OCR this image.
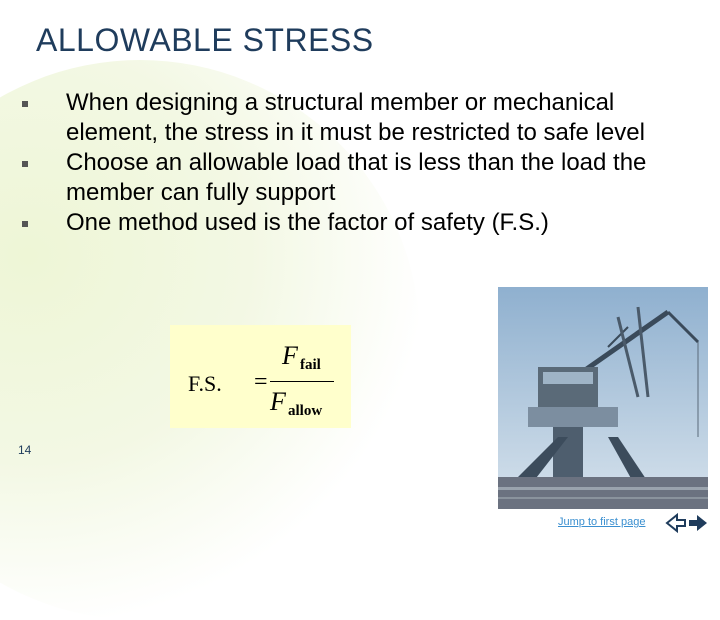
ALLOWABLE STRESS
When designing a structural member or mechanical element, the stress in it must be restricted to safe level
Choose an allowable load that is less than the load the member can fully support
One method used is the factor of safety (F.S.)
F.S. =
F fail
F allow
14
Jump to first page
